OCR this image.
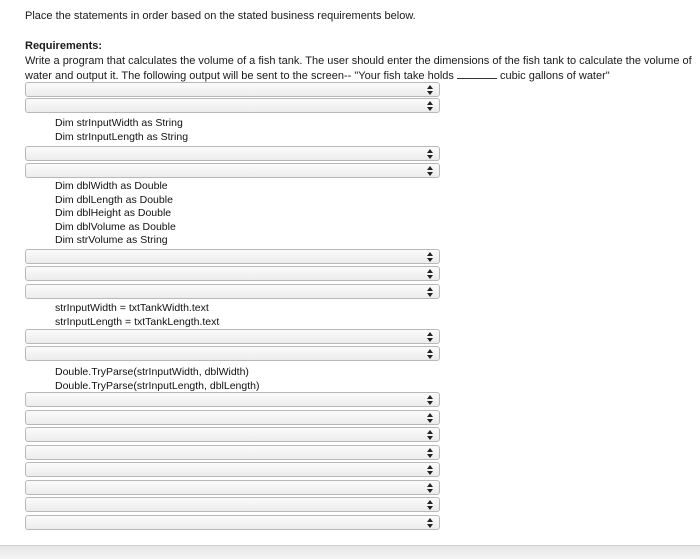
Place the statements in order based on the stated business requirements below.
Requirements:
Write a program that calculates the volume of a fish tank. The user should enter the dimensions of the fish tank to calculate the volume of water and output it. The following output will be sent to the screen-- "Your fish take holds	cubic gallons of water"
Dim strInputWidth as String
Dim strInputLength as String
Dim dblWidth as Double
Dim dblLength as Double
Dim dblHeight as Double
Dim dblVolume as Double
Dim strVolume as String
strInputWidth = txtTankWidth.text
strInputLength = txtTankLength.text
Double.TryParse(strInputWidth, dblWidth)
Double.TryParse(strInputLength, dblLength)
